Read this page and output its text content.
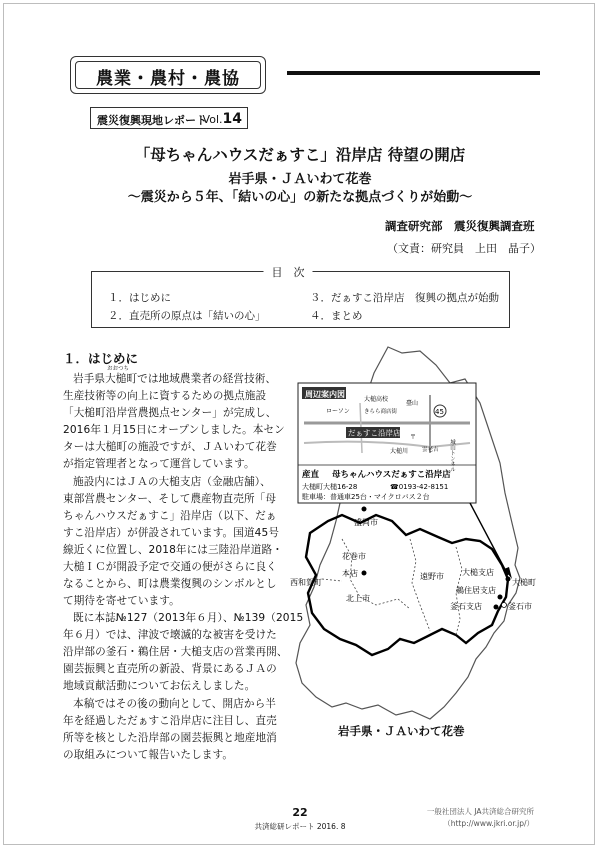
農業・農村・農協
震災復興現地レポート
Vol.14
「母ちゃんハウスだぁすこ」沿岸店 待望の開店
岩手県・ＪＡいわて花巻
～震災から５年、「結いの心」の新たな拠点づくりが始動～
調査研究部　震災復興調査班
（文責：研究員　上田　晶子）
目　次
１．はじめに
２．直売所の原点は「結いの心」
３．だぁすこ沿岸店　復興の拠点が始動
４．まとめ
１．はじめに
おおつち
岩手県大槌町では地域農業者の経営技術、
生産技術等の向上に資するための拠点施設
「大槌町沿岸営農拠点センター」が完成し、
2016年１月15日にオープンしました。本セン
ターは大槌町の施設ですが、ＪＡいわて花巻
が指定管理者となって運営しています。
施設内にはＪＡの大槌支店（金融店舗）、
東部営農センター、そして農産物直売所「母
ちゃんハウスだぁすこ」沿岸店（以下、だぁ
すこ沿岸店）が併設されています。国道45号
線近くに位置し、2018年には三陸沿岸道路・
大槌ＩＣが開設予定で交通の便がさらに良く
なることから、町は農業復興のシンボルとし
て期待を寄せています。
既に本誌№127（2013年６月）、№139（2015
年６月）では、津波で壊滅的な被害を受けた
沿岸部の釜石・鵜住居・大槌支店の営業再開、
園芸振興と直売所の新設、背景にあるＪＡの
地域貢献活動についてお伝えしました。
本稿ではその後の動向として、開店から半
年を経過しただぁすこ沿岸店に注目し、直売
所等を核とした沿岸部の園芸振興と地産地消
の取組みについて報告いたします。
周辺案内図
45
だぁすこ沿岸店
大槌高校
ローソン	きらら商店街
臺山
城山トンネル
大槌川
〒
雲老吉
産直 母ちゃんハウスだぁすこ沿岸店
大槌町大槌16-28	☎0193-42-8151
駐車場：普通車25台・マイクロバス２台
盛岡市
花巻市
本店
西和賀町
北上市
遠野市 大槌支店
大槌町
鵜住居支店
釜石支店	釜石市
岩手県・ＪＡいわて花巻
22
共済総研レポート 2016. 8
一般社団法人 JA共済総合研究所
（http://www.jkri.or.jp/）
